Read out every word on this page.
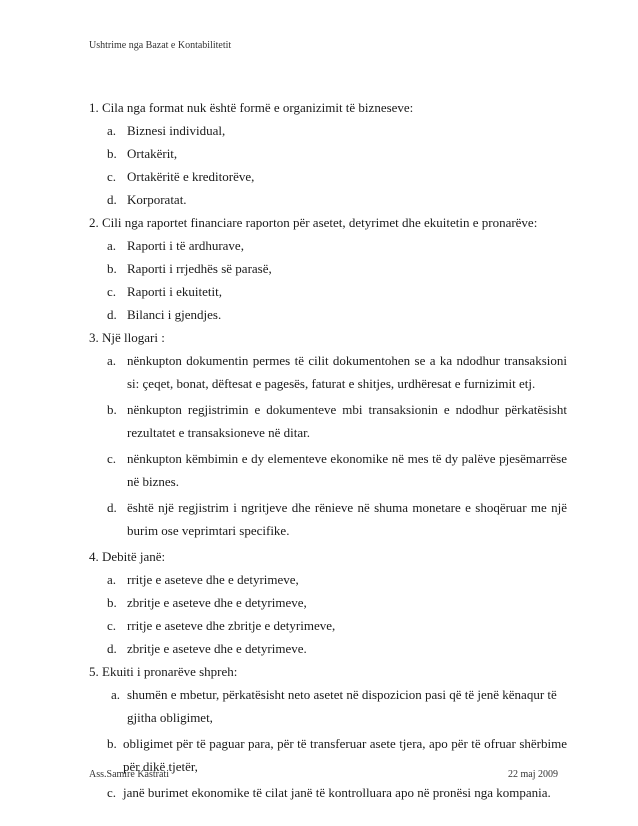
Ushtrime nga Bazat e Kontabilitetit

1. Cila nga format nuk është formë e organizimit të bizneseve:

a. Biznesi individual,
b. Ortakërit,
c. Ortakëritë e kreditorëve,
d. Korporatat.

2. Cili nga raportet financiare raporton për asetet, detyrimet dhe ekuitetin e pronarëve:

a. Raporti i të ardhurave,
b. Raporti i rrjedhës së parasë,
c. Raporti i ekuitetit,
d. Bilanci i gjendjes.

3. Një llogari :

a. nënkupton dokumentin permes të cilit dokumentohen se a ka ndodhur transaksioni si: çeqet, bonat, dëftesat e pagesës, faturat e shitjes, urdhëresat e furnizimit etj.
b. nënkupton regjistrimin e dokumenteve mbi transaksionin e ndodhur përkatësisht rezultatet e transaksioneve në ditar.
c. nënkupton këmbimin e dy elementeve ekonomike në mes të dy palëve pjesëmarrëse në biznes.
d. është një regjistrim i ngritjeve dhe rënieve në shuma monetare e shoqëruar me një burim ose veprimtari specifike.

4. Debitë janë:

a. rritje e aseteve dhe e detyrimeve,
b. zbritje e aseteve dhe e detyrimeve,
c. rritje e aseteve dhe zbritje e detyrimeve,
d. zbritje e aseteve dhe e detyrimeve.

5. Ekuiti i pronarëve shpreh:

a. shumën e mbetur, përkatësisht neto asetet në dispozicion pasi që të jenë kënaqur të gjitha obligimet,
b. obligimet për të paguar para, për të transferuar asete tjera, apo për të ofruar shërbime për dikë tjetër,
c. janë burimet ekonomike të cilat janë të kontrolluara apo në pronësi nga kompania.
Ass.Samire Kastrati	22 maj 2009
